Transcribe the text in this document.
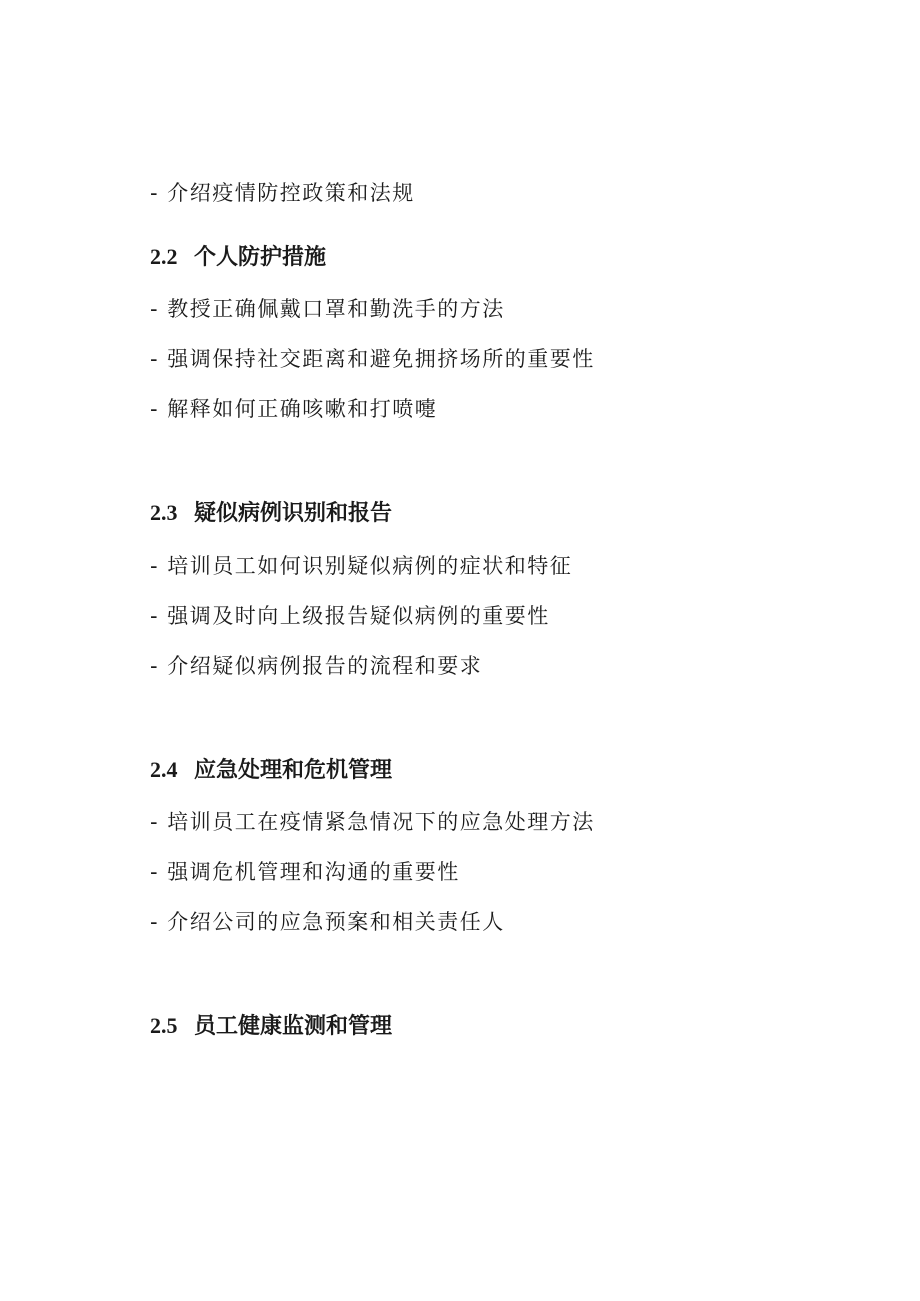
- 介绍疫情防控政策和法规
2.2 个人防护措施
- 教授正确佩戴口罩和勤洗手的方法
- 强调保持社交距离和避免拥挤场所的重要性
- 解释如何正确咳嗽和打喷嚏
2.3 疑似病例识别和报告
- 培训员工如何识别疑似病例的症状和特征
- 强调及时向上级报告疑似病例的重要性
- 介绍疑似病例报告的流程和要求
2.4 应急处理和危机管理
- 培训员工在疫情紧急情况下的应急处理方法
- 强调危机管理和沟通的重要性
- 介绍公司的应急预案和相关责任人
2.5 员工健康监测和管理
